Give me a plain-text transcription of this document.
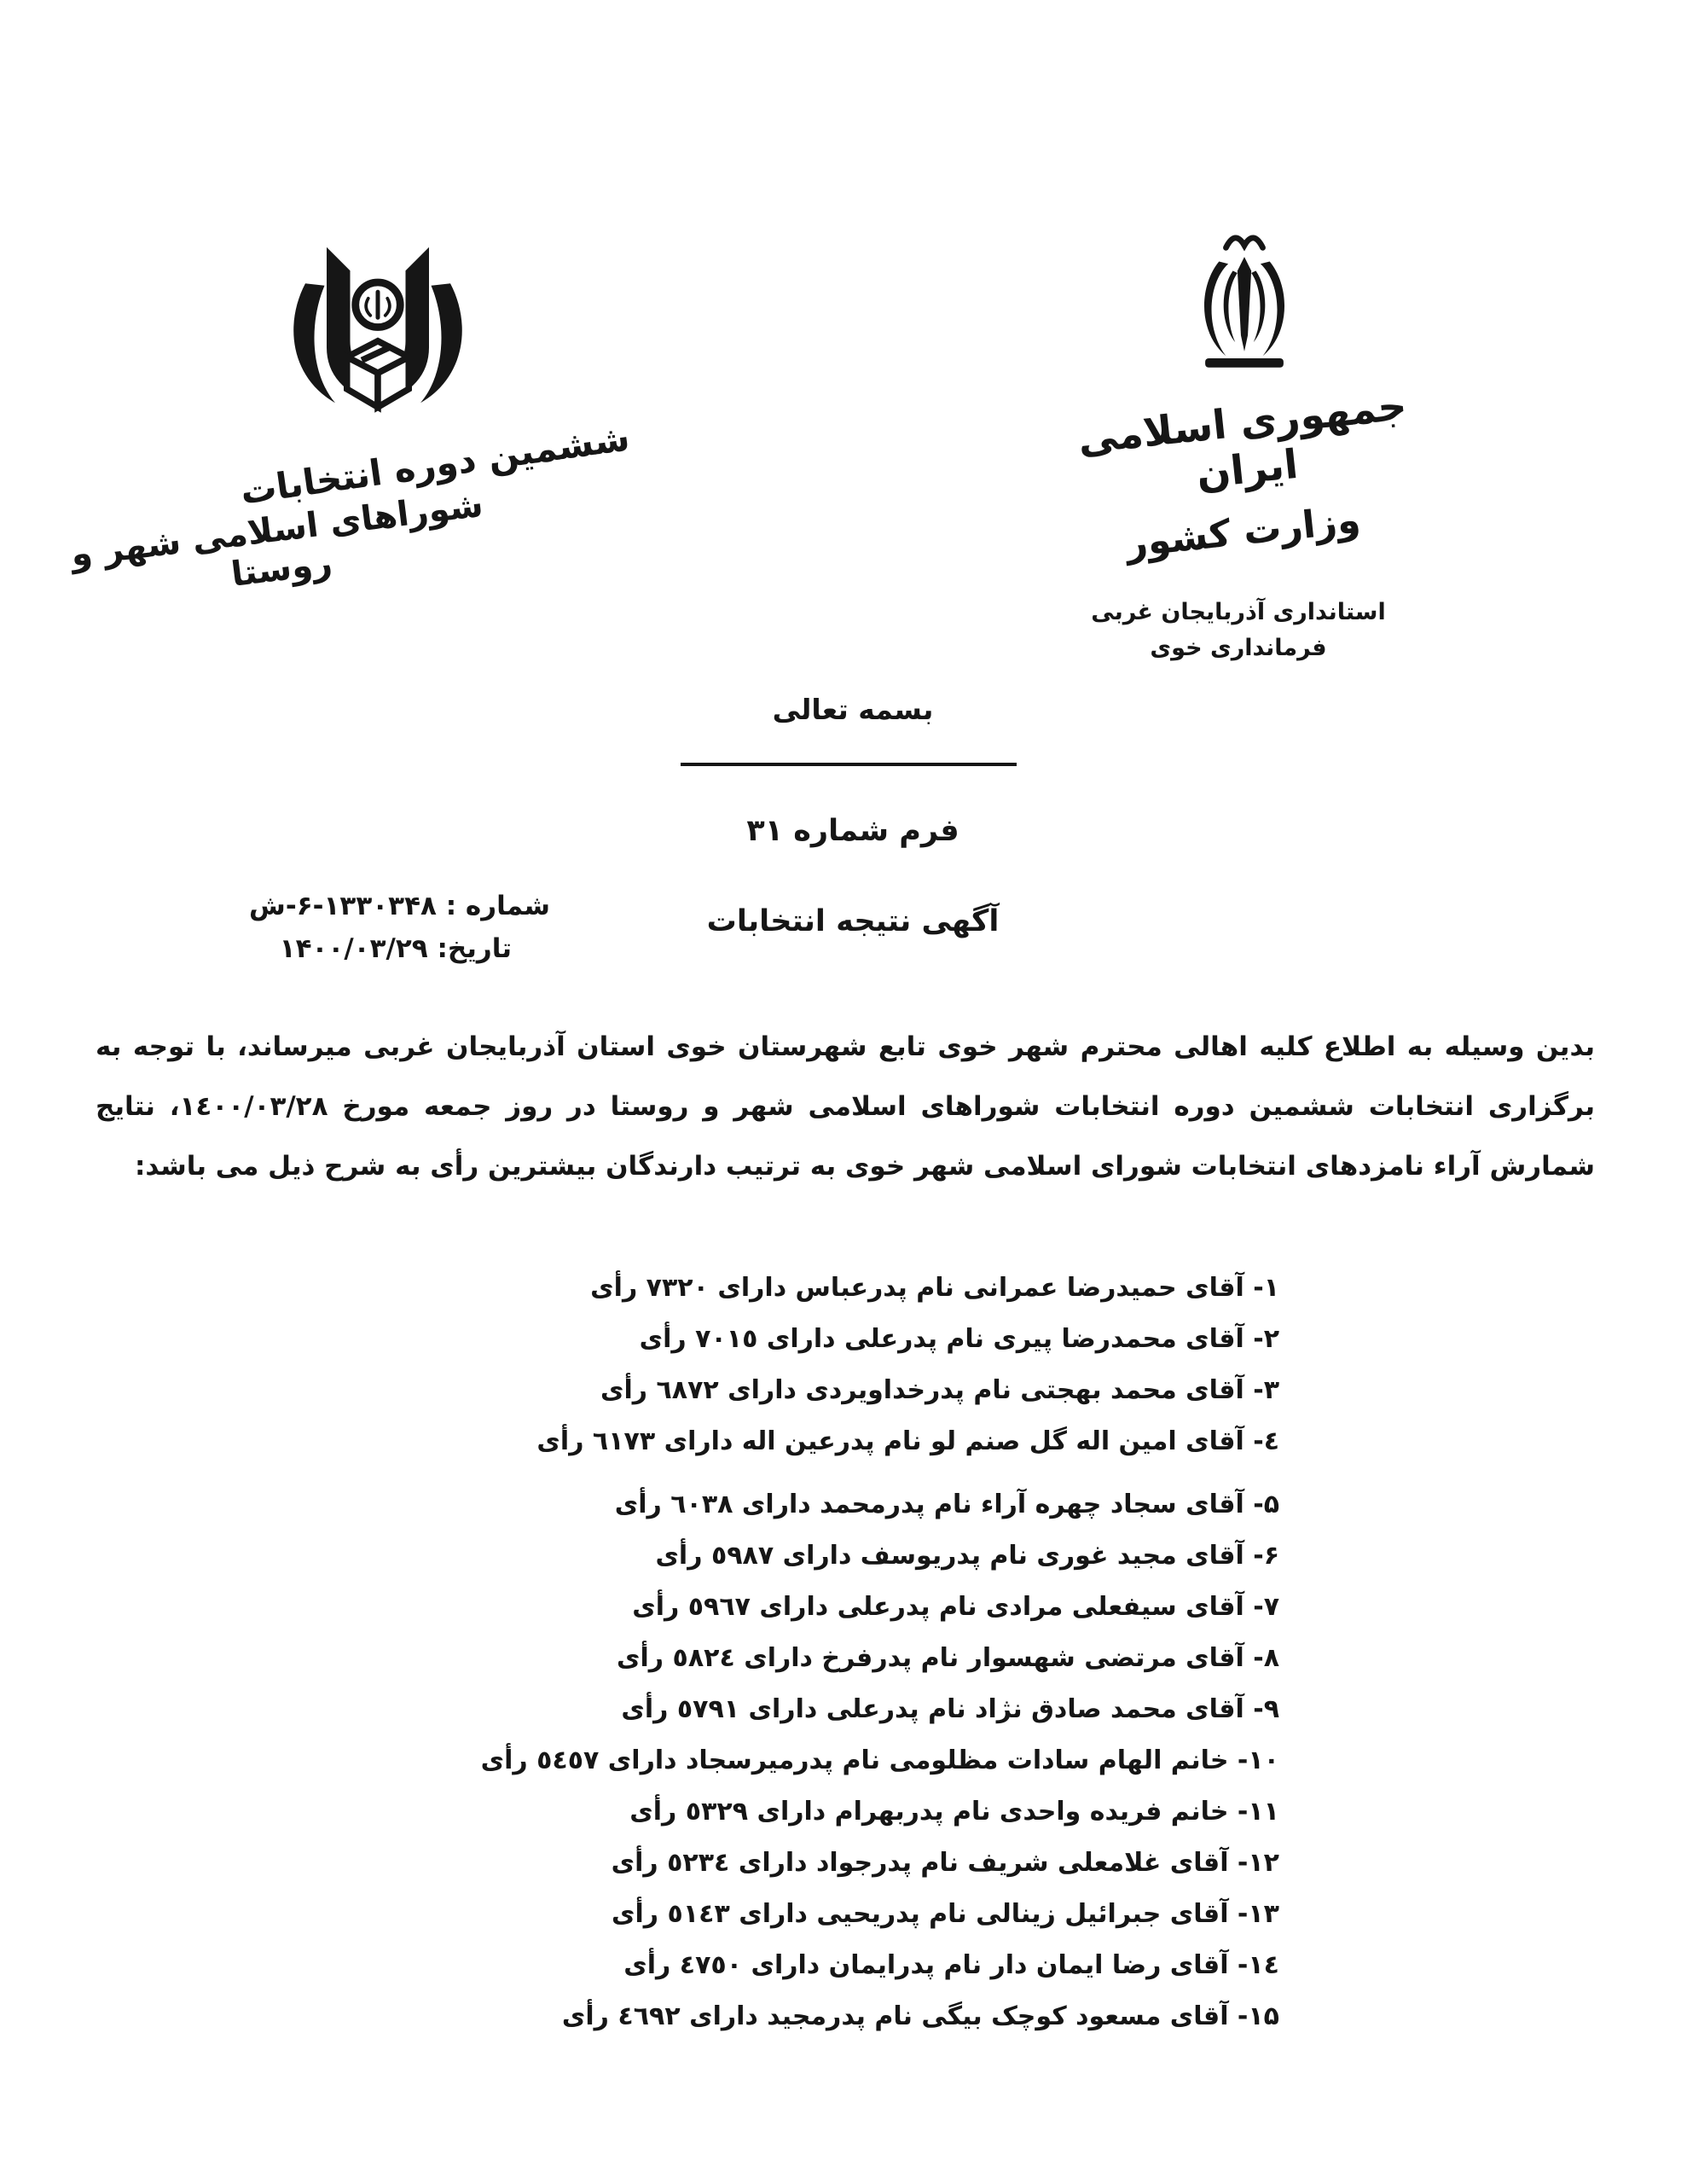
جمهوری اسلامی ایران
وزارت کشور
استانداری آذربایجان غربی
فرمانداری خوی
ششمین دوره انتخابات
شوراهای اسلامی شهر و روستا
بسمه تعالی
فرم شماره ۳۱
آگهی نتیجه انتخابات
شماره : ۱۳۳۰۳۴۸-۶-ش
تاریخ: ۱۴۰۰/۰۳/۲۹
بدین وسیله به اطلاع کلیه اهالی محترم شهر خوی تابع شهرستان خوی استان آذربایجان غربی میرساند، با توجه به
برگزاری انتخابات ششمین دوره انتخابات شوراهای اسلامی شهر و روستا در روز جمعه مورخ ١٤٠٠/٠٣/٢٨، نتایج
شمارش آراء نامزدهای انتخابات شورای اسلامی شهر خوی به ترتیب دارندگان بیشترین رأی به شرح ذیل می باشد:
۱- آقای حمیدرضا عمرانی نام پدرعباس دارای ٧٣٢٠ رأی
۲- آقای محمدرضا پیری نام پدرعلی دارای ٧٠١٥ رأی
۳- آقای محمد بهجتی نام پدرخداویردی دارای ٦٨٧٢ رأی
٤- آقای امین اله گل صنم لو نام پدرعین اله دارای ٦١٧٣ رأی
۵- آقای سجاد چهره آراء نام پدرمحمد دارای ٦٠٣٨ رأی
۶- آقای مجید غوری نام پدریوسف دارای ٥٩٨٧ رأی
۷- آقای سیفعلی مرادی نام پدرعلی دارای ٥٩٦٧ رأی
۸- آقای مرتضی شهسوار نام پدرفرخ دارای ٥٨٢٤ رأی
۹- آقای محمد صادق نژاد نام پدرعلی دارای ٥٧٩١ رأی
۱۰- خانم الهام سادات مظلومی نام پدرمیرسجاد دارای ٥٤٥٧ رأی
۱۱- خانم فریده واحدی نام پدربهرام دارای ٥٣٢٩ رأی
۱۲- آقای غلامعلی شریف نام پدرجواد دارای ٥٢٣٤ رأی
۱۳- آقای جبرائیل زینالی نام پدریحیی دارای ٥١٤٣ رأی
۱٤- آقای رضا ایمان دار نام پدرایمان دارای ٤٧٥٠ رأی
۱۵- آقای مسعود کوچک بیگی نام پدرمجید دارای ٤٦٩٢ رأی
